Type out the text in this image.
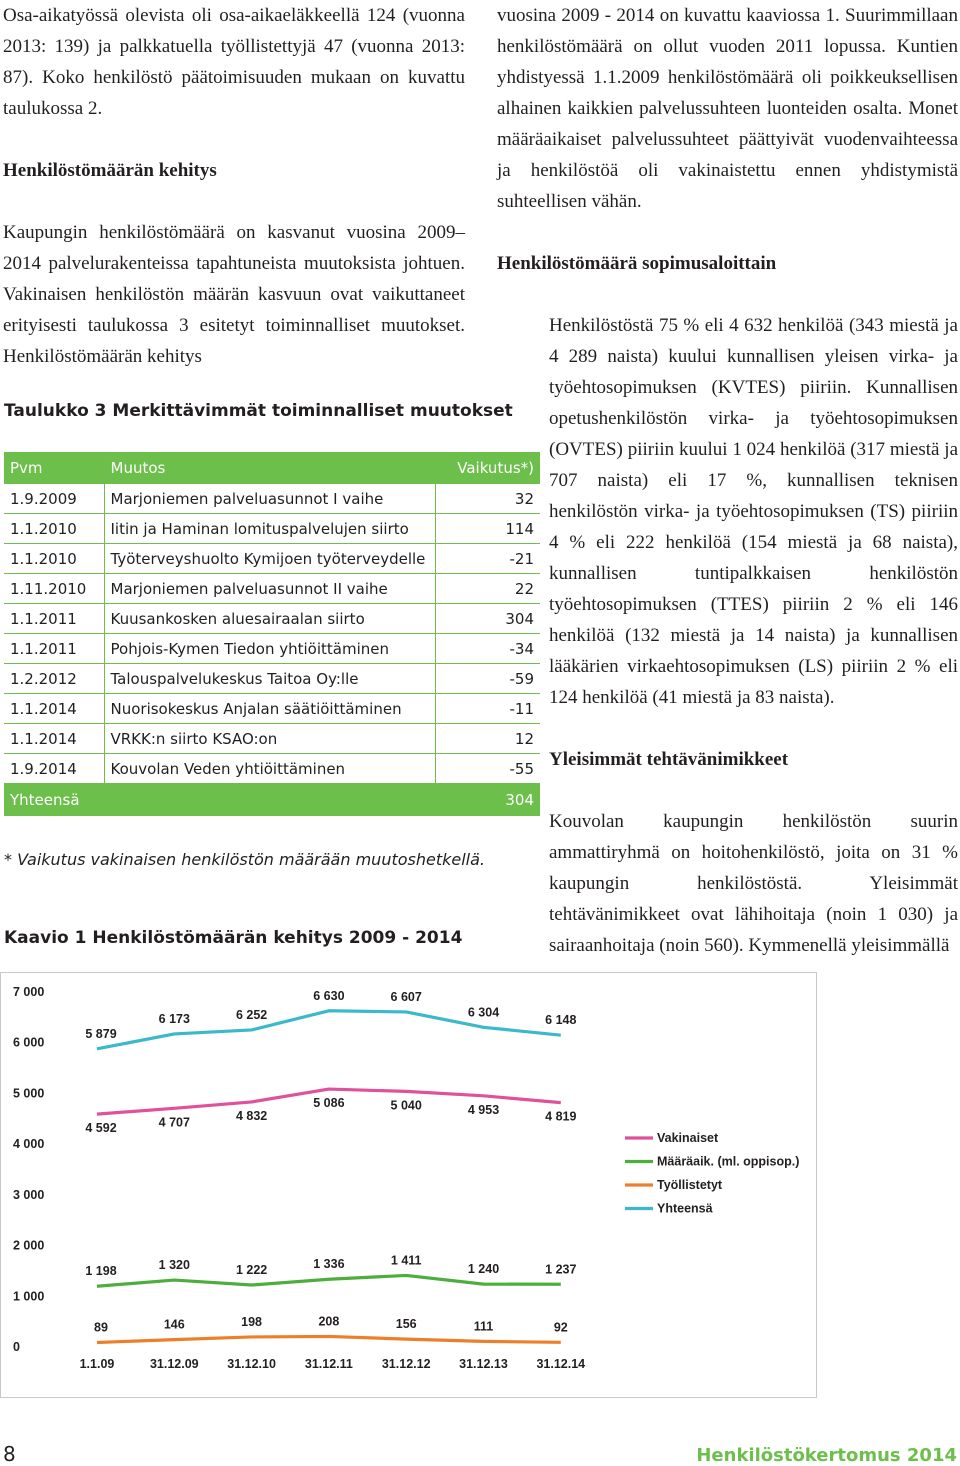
Osa-aikatyössä olevista oli osa-aikaeläkkeellä 124 (vuonna 2013: 139) ja palkkatuella työllistettyjä 47 (vuonna 2013: 87). Koko henkilöstö päätoimisuuden mukaan on kuvattu taulukossa 2.

Henkilöstömäärän kehitys

Kaupungin henkilöstömäärä on kasvanut vuosina 2009–2014 palvelurakenteissa tapahtuneista muutoksista johtuen. Vakinaisen henkilöstön määrän kasvuun ovat vaikuttaneet erityisesti taulukossa 3 esitetyt toiminnalliset muutokset. Henkilöstömäärän kehitys

vuosina 2009 - 2014 on kuvattu kaaviossa 1. Suurimmillaan henkilöstömäärä on ollut vuoden 2011 lopussa. Kuntien yhdistyessä 1.1.2009 henkilöstömäärä oli poikkeuksellisen alhainen kaikkien palvelussuhteen luonteiden osalta. Monet määräaikaiset palvelussuhteet päättyivät vuodenvaihteessa ja henkilöstöä oli vakinaistettu ennen yhdistymistä suhteellisen vähän.

Henkilöstömäärä sopimusaloittain

Henkilöstöstä 75 % eli 4 632 henkilöä (343 miestä ja 4 289 naista) kuului kunnallisen yleisen virka- ja työehtosopimuksen (KVTES) piiriin. Kunnallisen opetushenkilöstön virka- ja työehtosopimuksen (OVTES) piiriin kuului 1 024 henkilöä (317 miestä ja 707 naista) eli 17 %, kunnallisen teknisen henkilöstön virka- ja työehtosopimuksen (TS) piiriin 4 % eli 222 henkilöä (154 miestä ja 68 naista), kunnallisen tuntipalkkaisen henkilöstön työehtosopimuksen (TTES) piiriin 2 % eli 146 henkilöä (132 miestä ja 14 naista) ja kunnallisen lääkärien virkaehtosopimuksen (LS) piiriin 2 % eli 124 henkilöä (41 miestä ja 83 naista).

Yleisimmät tehtävänimikkeet

Kouvolan kaupungin henkilöstön suurin ammattiryhmä on hoitohenkilöstö, joita on 31 % kaupungin henkilöstöstä. Yleisimmät tehtävänimikkeet ovat lähihoitaja (noin 1 030) ja sairaanhoitaja (noin 560). Kymmenellä yleisimmällä

Taulukko 3 Merkittävimmät toiminnalliset muutokset
Pvm	Muutos	Vaikutus*)
1.9.2009	Marjoniemen palveluasunnot I vaihe	32
1.1.2010	Iitin ja Haminan lomituspalvelujen siirto	114
1.1.2010	Työterveyshuolto Kymijoen työterveydelle	-21
1.11.2010	Marjoniemen palveluasunnot II vaihe	22
1.1.2011	Kuusankosken aluesairaalan siirto	304
1.1.2011	Pohjois-Kymen Tiedon yhtiöittäminen	-34
1.2.2012	Talouspalvelukeskus Taitoa Oy:lle	-59
1.1.2014	Nuorisokeskus Anjalan säätiöittäminen	-11
1.1.2014	VRKK:n siirto KSAO:on	12
1.9.2014	Kouvolan Veden yhtiöittäminen	-55
Yhteensä		304
* Vaikutus vakinaisen henkilöstön määrään muutoshetkellä.
Kaavio 1 Henkilöstömäärän kehitys 2009 - 2014
0
1 000
2 000
3 000
4 000
5 000
6 000
7 000
1.1.09	31.12.09 31.12.10 31.12.11 31.12.12 31.12.13 31.12.14
4 592	4 707	4 832
5 086	5 040	4 953	4 819
1 198	1 320	1 222	1 336	1 411
1 240	1 237
89	146	198	208	156	111	92
5 879
6 173	6 252
6 630	6 607
6 304
6 148
Vakinaiset
Määräaik. (ml. oppisop.)
Työllistetyt
Yhteensä
8	Henkilöstökertomus 2014
